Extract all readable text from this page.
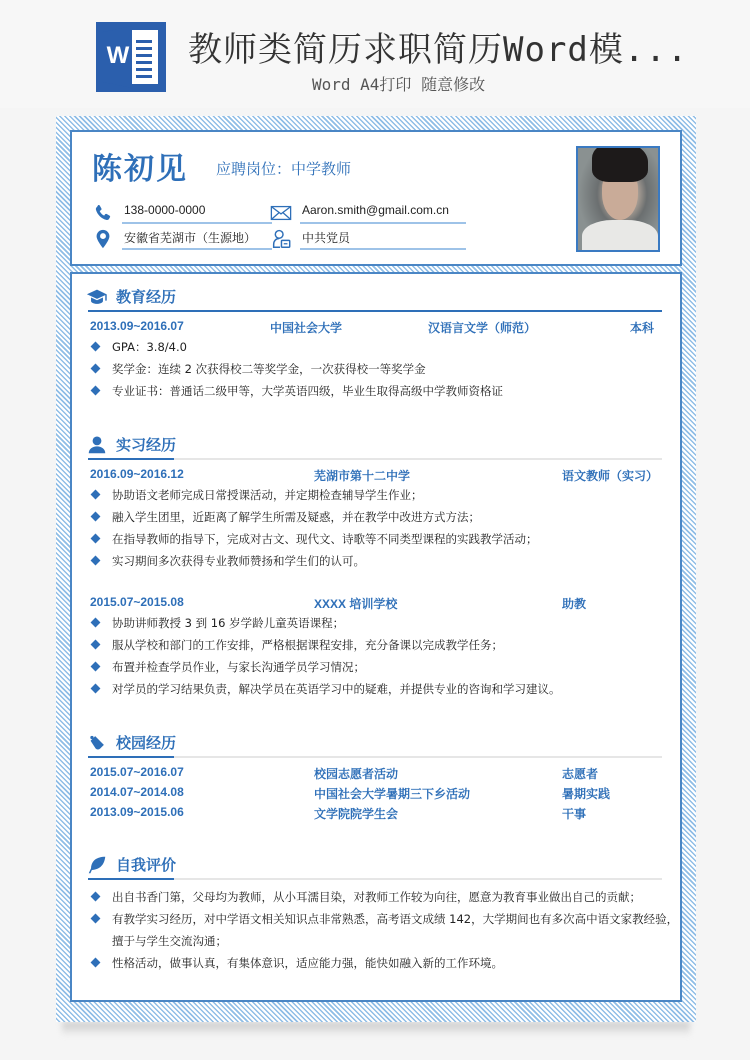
W 教师类简历求职简历Word模...
Word A4打印 随意修改
陈初见 应聘岗位：中学教师
138-0000-0000
安徽省芜湖市（生源地）
Aaron.smith@gmail.com.cn
中共党员
教育经历
2013.09~2016.07	中国社会大学	汉语言文学（师范）	本科
GPA：3.8/4.0
奖学金：连续 2 次获得校二等奖学金，一次获得校一等奖学金
专业证书：普通话二级甲等，大学英语四级，毕业生取得高级中学教师资格证
实习经历
2016.09~2016.12	芜湖市第十二中学	语文教师（实习）
协助语文老师完成日常授课活动，并定期检查辅导学生作业；
融入学生团里，近距离了解学生所需及疑惑，并在教学中改进方式方法；
在指导教师的指导下，完成对古文、现代文、诗歌等不同类型课程的实践教学活动；
实习期间多次获得专业教师赞扬和学生们的认可。
2015.07~2015.08	XXXX 培训学校	助教
协助讲师教授 3 到 16 岁学龄儿童英语课程；
服从学校和部门的工作安排，严格根据课程安排，充分备课以完成教学任务；
布置并检查学员作业，与家长沟通学员学习情况；
对学员的学习结果负责，解决学员在英语学习中的疑难，并提供专业的咨询和学习建议。
校园经历
2015.07~2016.07	校园志愿者活动	志愿者
2014.07~2014.08	中国社会大学暑期三下乡活动	暑期实践
2013.09~2015.06	文学院院学生会	干事
自我评价
出自书香门第，父母均为教师，从小耳濡目染，对教师工作较为向往，愿意为教育事业做出自己的贡献；
有教学实习经历，对中学语文相关知识点非常熟悉，高考语文成绩 142，大学期间也有多次高中语文家教经验，
擅于与学生交流沟通；
性格活动，做事认真，有集体意识，适应能力强，能快如融入新的工作环境。
